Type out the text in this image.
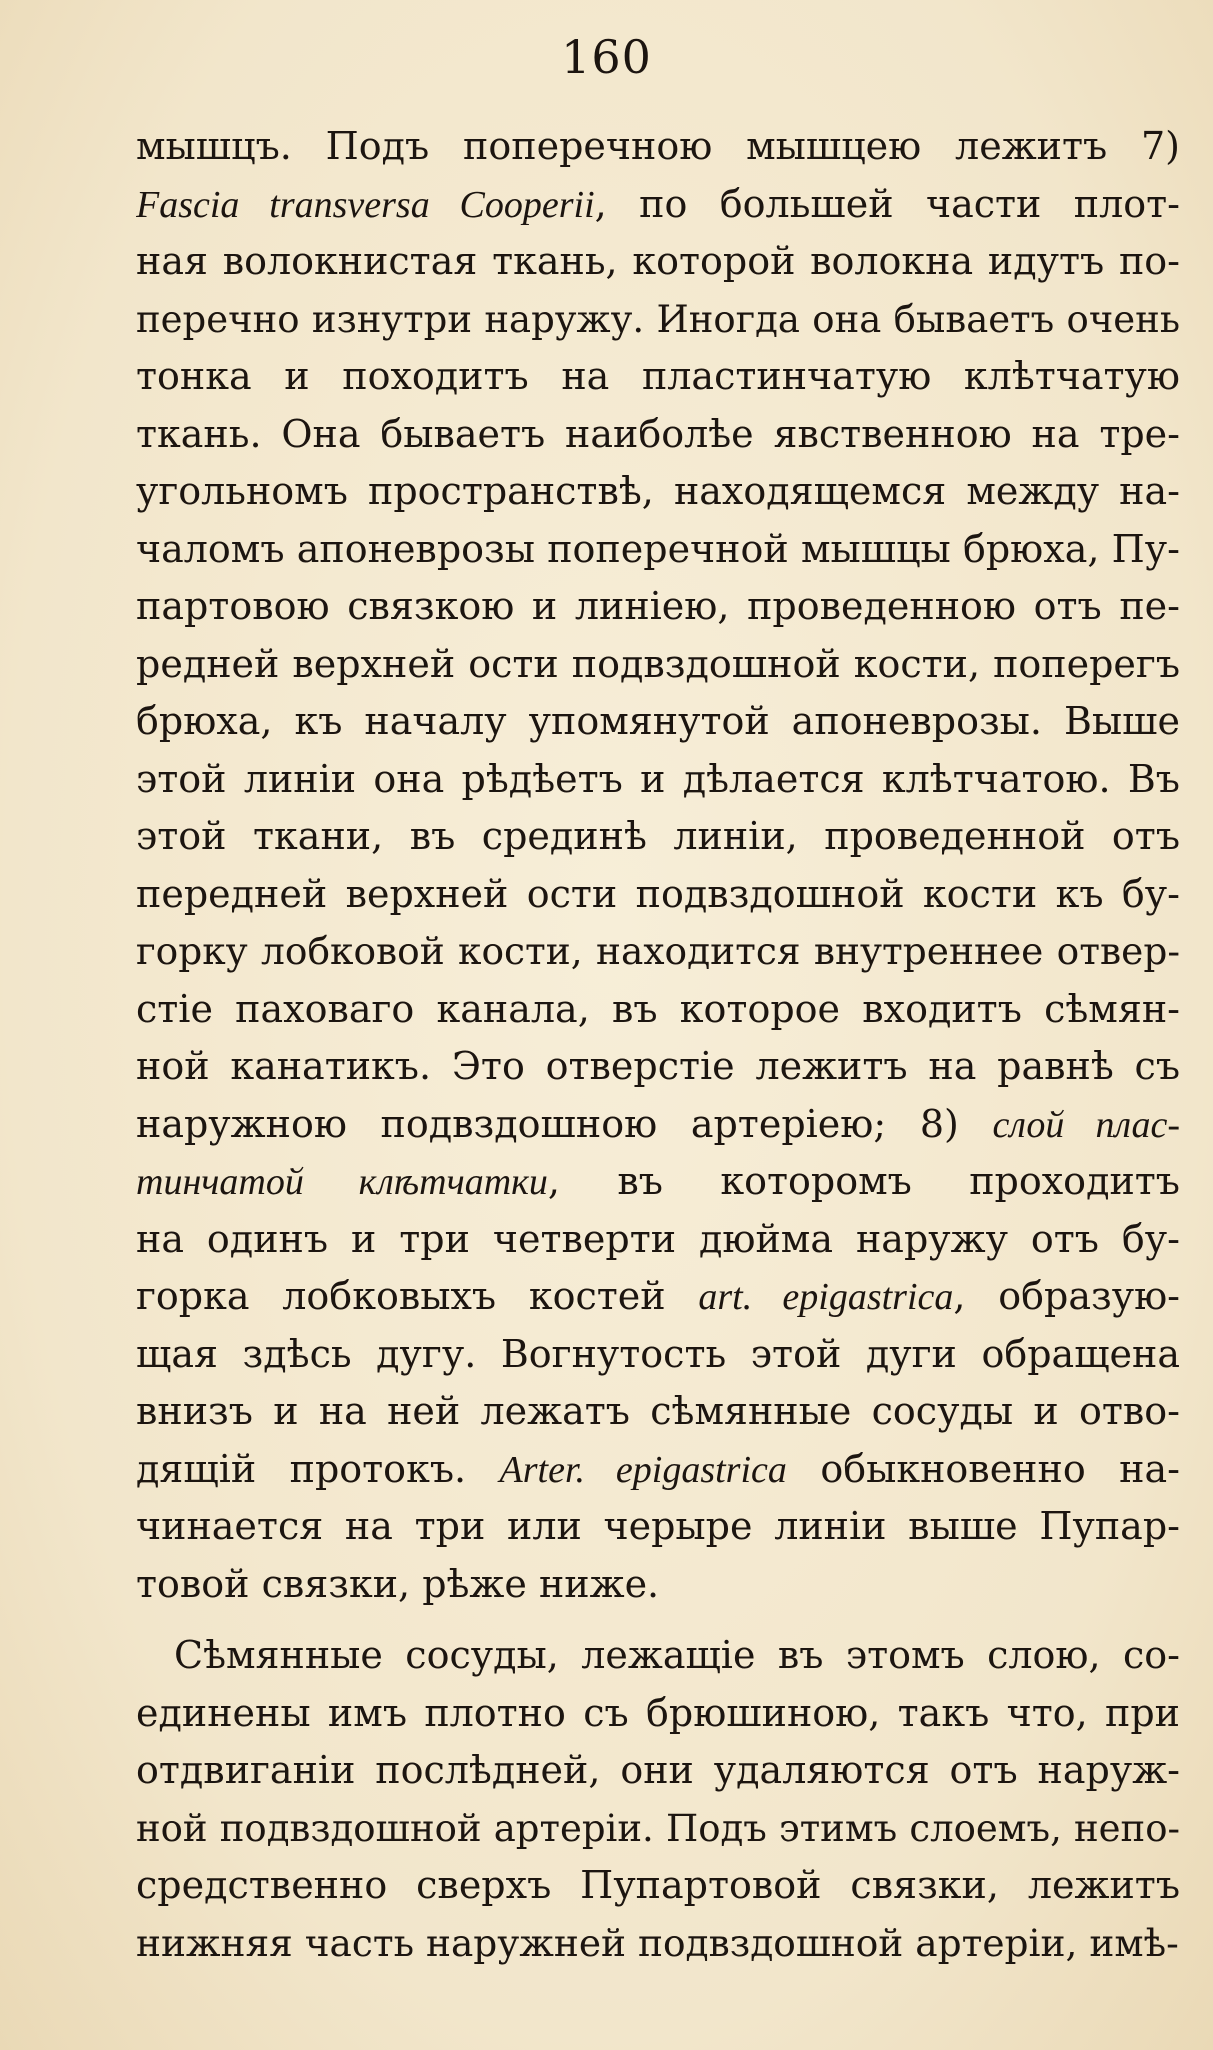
160
мышцъ. Подъ поперечною мышцею лежитъ 7)
Fascia transversa Cooperii, по большей части плот-
ная волокнистая ткань, которой волокна идутъ по-
перечно изнутри наружу. Иногда она бываетъ очень
тонка и походитъ на пластинчатую клѣтчатую
ткань. Она бываетъ наиболѣе явственною на тре-
угольномъ пространствѣ, находящемся между на-
чаломъ апоневрозы поперечной мышцы брюха, Пу-
партовою связкою и линіею, проведенною отъ пе-
редней верхней ости подвздошной кости, поперегъ
брюха, къ началу упомянутой апоневрозы. Выше
этой линіи она рѣдѣетъ и дѣлается клѣтчатою. Въ
этой ткани, въ срединѣ линіи, проведенной отъ
передней верхней ости подвздошной кости къ бу-
горку лобковой кости, находится внутреннее отвер-
стіе паховаго канала, въ которое входитъ сѣмян-
ной канатикъ. Это отверстіе лежитъ на равнѣ съ
наружною подвздошною артеріею; 8) слой плас-
тинчатой клѣтчатки, въ которомъ проходитъ
на одинъ и три четверти дюйма наружу отъ бу-
горка лобковыхъ костей art. epigastrica, образую-
щая здѣсь дугу. Вогнутость этой дуги обращена
внизъ и на ней лежатъ сѣмянные сосуды и отво-
дящій протокъ. Arter. epigastrica обыкновенно на-
чинается на три или черыре линіи выше Пупар-
товой связки, рѣже ниже.
Сѣмянные сосуды, лежащіе въ этомъ слою, со-
единены имъ плотно съ брюшиною, такъ что, при
отдвиганіи послѣдней, они удаляются отъ наруж-
ной подвздошной артеріи. Подъ этимъ слоемъ, непо-
средственно сверхъ Пупартовой связки, лежитъ
нижняя часть наружней подвздошной артеріи, имѣ-
